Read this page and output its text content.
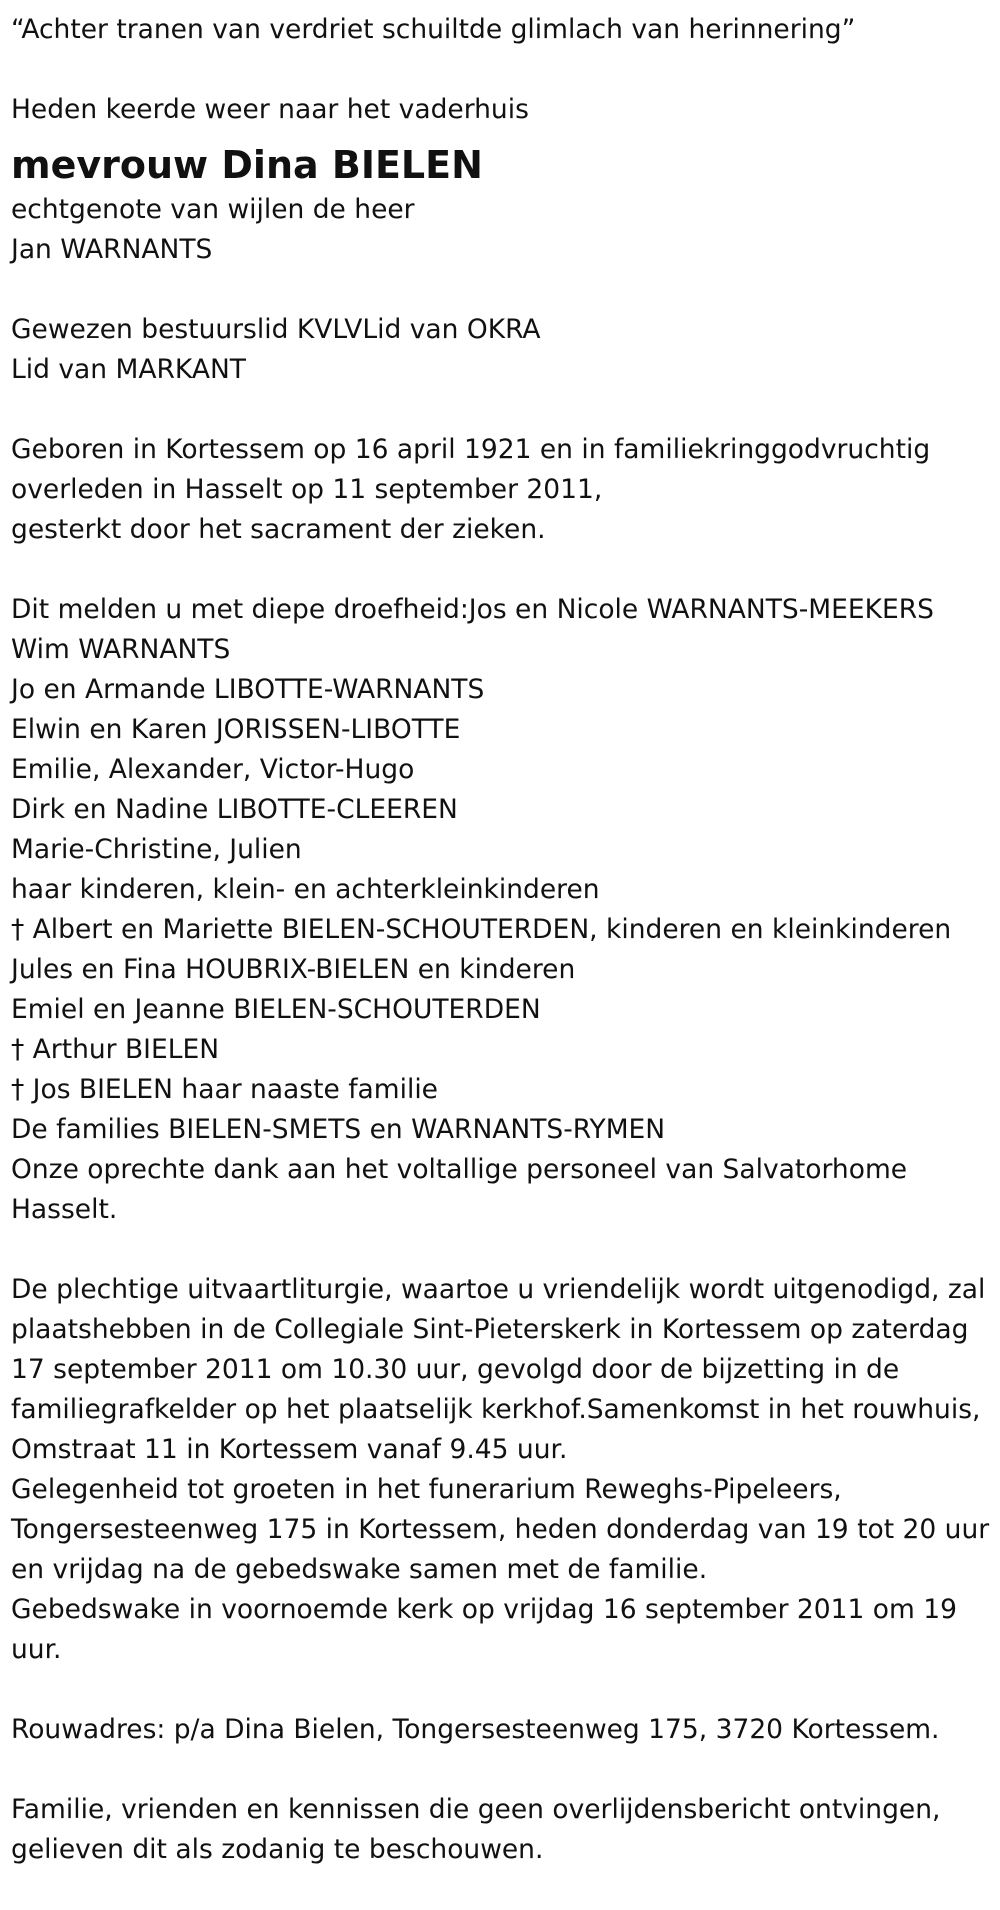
“Achter tranen van verdriet schuiltde glimlach van herinnering”

Heden keerde weer naar het vaderhuis

mevrouw Dina BIELEN

echtgenote van wijlen de heer

Jan WARNANTS

Gewezen bestuurslid KVLVLid van OKRA

Lid van MARKANT

Geboren in Kortessem op 16 april 1921 en in familiekringgodvruchtig

overleden in Hasselt op 11 september 2011,

gesterkt door het sacrament der zieken.

Dit melden u met diepe droefheid:Jos en Nicole WARNANTS-MEEKERS

Wim WARNANTS

Jo en Armande LIBOTTE-WARNANTS

Elwin en Karen JORISSEN-LIBOTTE

Emilie, Alexander, Victor-Hugo

Dirk en Nadine LIBOTTE-CLEEREN

Marie-Christine, Julien

haar kinderen, klein- en achterkleinkinderen

† Albert en Mariette BIELEN-SCHOUTERDEN, kinderen en kleinkinderen

Jules en Fina HOUBRIX-BIELEN en kinderen

Emiel en Jeanne BIELEN-SCHOUTERDEN

† Arthur BIELEN

† Jos BIELEN haar naaste familie

De families BIELEN-SMETS en WARNANTS-RYMEN

Onze oprechte dank aan het voltallige personeel van Salvatorhome

Hasselt.

De plechtige uitvaartliturgie, waartoe u vriendelijk wordt uitgenodigd, zal

plaatshebben in de Collegiale Sint-Pieterskerk in Kortessem op zaterdag

17 september 2011 om 10.30 uur, gevolgd door de bijzetting in de

familiegrafkelder op het plaatselijk kerkhof.Samenkomst in het rouwhuis,

Omstraat 11 in Kortessem vanaf 9.45 uur.

Gelegenheid tot groeten in het funerarium Reweghs-Pipeleers,

Tongersesteenweg 175 in Kortessem, heden donderdag van 19 tot 20 uur

en vrijdag na de gebedswake samen met de familie.

Gebedswake in voornoemde kerk op vrijdag 16 september 2011 om 19

uur.

Rouwadres: p/a Dina Bielen, Tongersesteenweg 175, 3720 Kortessem.

Familie, vrienden en kennissen die geen overlijdensbericht ontvingen,

gelieven dit als zodanig te beschouwen.
